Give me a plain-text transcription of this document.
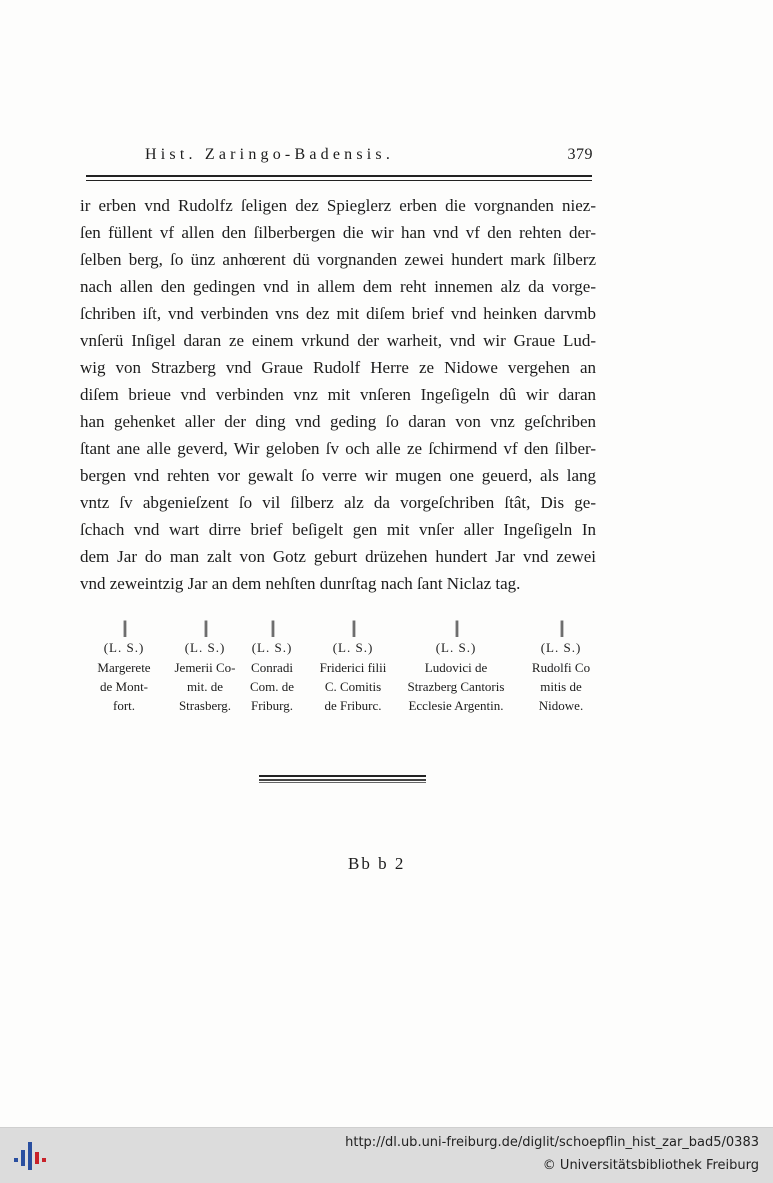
Hist. Zaringo-Badensis.	379
ir erben vnd Rudolfz ſeligen dez Spieglerz erben die vorgnanden niez-
ſen füllent vf allen den ſilberbergen die wir han vnd vf den rehten der-
ſelben berg, ſo ünz anhœrent dü vorgnanden zewei hundert mark ſilberz
nach allen den gedingen vnd in allem dem reht innemen alz da vorge-
ſchriben iſt, vnd verbinden vns dez mit diſem brief vnd heinken darvmb
vnſerü Inſigel daran ze einem vrkund der warheit, vnd wir Graue Lud-
wig von Strazberg vnd Graue Rudolf Herre ze Nidowe vergehen an
diſem brieue vnd verbinden vnz mit vnſeren Ingeſigeln dû wir daran
han gehenket aller der ding vnd geding ſo daran von vnz geſchriben
ſtant ane alle geverd, Wir geloben ſv och alle ze ſchirmend vf den ſilber-
bergen vnd rehten vor gewalt ſo verre wir mugen one geuerd, als lang
vntz ſv abgenieſzent ſo vil ſilberz alz da vorgeſchriben ſtât, Dis ge-
ſchach vnd wart dirre brief beſigelt gen mit vnſer aller Ingeſigeln In
dem Jar do man zalt von Gotz geburt drüzehen hundert Jar vnd zewei
vnd zeweintzig Jar an dem nehſten dunrſtag nach ſant Niclaz tag.
||
(L. S.)
Margerete
de Mont-
fort.
||
(L. S.)
Jemerii Co-
mit. de
Strasberg.
||
(L. S.)
Conradi
Com. de
Friburg.
||
(L. S.)
Friderici filii
C. Comitis
de Friburc.
||
(L. S.)
Ludovici de
Strazberg Cantoris
Ecclesie Argentin.
||
(L. S.)
Rudolfi Co
mitis de
Nidowe.
Bb b 2
http://dl.ub.uni-freiburg.de/diglit/schoepflin_hist_zar_bad5/0383
© Universitätsbibliothek Freiburg
